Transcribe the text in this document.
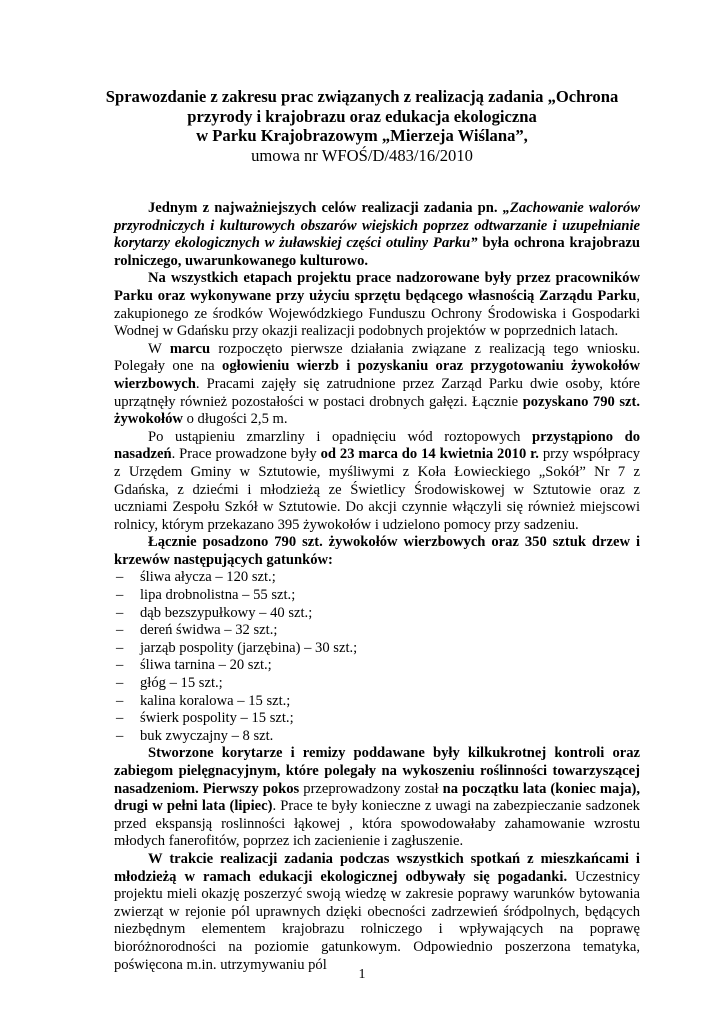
Sprawozdanie z zakresu prac związanych z realizacją zadania „Ochrona
przyrody i krajobrazu oraz edukacja ekologiczna
w Parku Krajobrazowym „Mierzeja Wiślana”,
umowa nr WFOŚ/D/483/16/2010

Jednym z najważniejszych celów realizacji zadania pn. „Zachowanie walorów przyrodniczych i kulturowych obszarów wiejskich poprzez odtwarzanie i uzupełnianie korytarzy ekologicznych w żuławskiej części otuliny Parku” była ochrona krajobrazu rolniczego, uwarunkowanego kulturowo.

Na wszystkich etapach projektu prace nadzorowane były przez pracowników Parku oraz wykonywane przy użyciu sprzętu będącego własnością Zarządu Parku, zakupionego ze środków Wojewódzkiego Funduszu Ochrony Środowiska i Gospodarki Wodnej w Gdańsku przy okazji realizacji podobnych projektów w poprzednich latach.

W marcu rozpoczęto pierwsze działania związane z realizacją tego wniosku. Polegały one na ogłowieniu wierzb i pozyskaniu oraz przygotowaniu żywokołów wierzbowych. Pracami zajęły się zatrudnione przez Zarząd Parku dwie osoby, które uprzątnęły również pozostałości w postaci drobnych gałęzi. Łącznie pozyskano 790 szt. żywokołów o długości 2,5 m.

Po ustąpieniu zmarzliny i opadnięciu wód roztopowych przystąpiono do nasadzeń. Prace prowadzone były od 23 marca do 14 kwietnia 2010 r. przy współpracy z Urzędem Gminy w Sztutowie, myśliwymi z Koła Łowieckiego „Sokół” Nr 7 z Gdańska, z dziećmi i młodzieżą ze Świetlicy Środowiskowej w Sztutowie oraz z uczniami Zespołu Szkół w Sztutowie. Do akcji czynnie włączyli się również miejscowi rolnicy, którym przekazano 395 żywokołów i udzielono pomocy przy sadzeniu.

Łącznie posadzono 790 szt. żywokołów wierzbowych oraz 350 sztuk drzew i krzewów następujących gatunków:

– śliwa ałycza – 120 szt.;
– lipa drobnolistna – 55 szt.;
– dąb bezszypułkowy – 40 szt.;
– dereń świdwa – 32 szt.;
– jarząb pospolity (jarzębina) – 30 szt.;
– śliwa tarnina – 20 szt.;
– głóg – 15 szt.;
– kalina koralowa – 15 szt.;
– świerk pospolity – 15 szt.;
– buk zwyczajny – 8 szt.

Stworzone korytarze i remizy poddawane były kilkukrotnej kontroli oraz zabiegom pielęgnacyjnym, które polegały na wykoszeniu roślinności towarzyszącej nasadzeniom. Pierwszy pokos przeprowadzony został na początku lata (koniec maja), drugi w pełni lata (lipiec). Prace te były konieczne z uwagi na zabezpieczanie sadzonek przed ekspansją roslinności łąkowej , która spowodowałaby zahamowanie wzrostu młodych fanerofitów, poprzez ich zacienienie i zagłuszenie.

W trakcie realizacji zadania podczas wszystkich spotkań z mieszkańcami i młodzieżą w ramach edukacji ekologicznej odbywały się pogadanki. Uczestnicy projektu mieli okazję poszerzyć swoją wiedzę w zakresie poprawy warunków bytowania zwierząt w rejonie pól uprawnych dzięki obecności zadrzewień śródpolnych, będących niezbędnym elementem krajobrazu rolniczego i wpływających na poprawę bioróżnorodności na poziomie gatunkowym. Odpowiednio poszerzona tematyka, poświęcona m.in. utrzymywaniu pól

1
